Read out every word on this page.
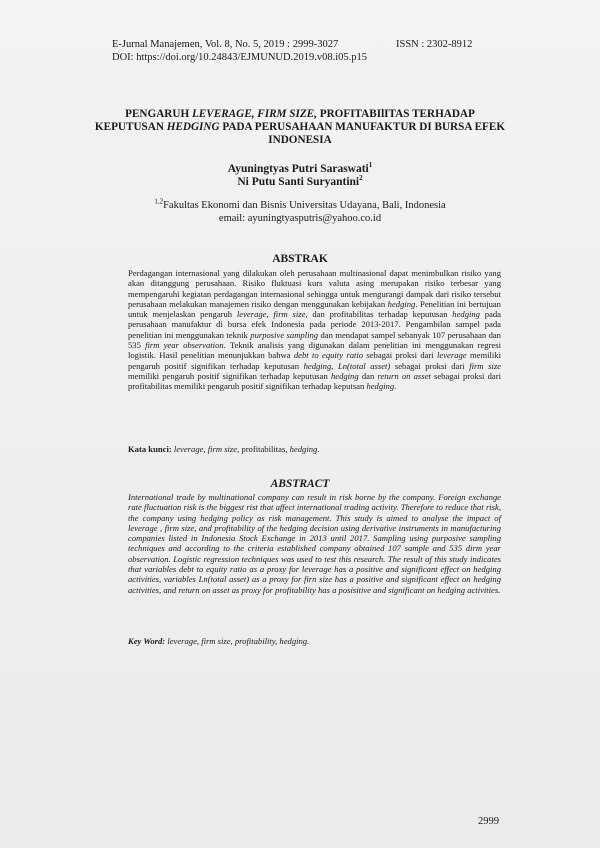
E-Jurnal Manajemen, Vol. 8, No. 5, 2019 : 2999-3027	ISSN : 2302-8912
DOI: https://doi.org/10.24843/EJMUNUD.2019.v08.i05.p15
PENGARUH LEVERAGE, FIRM SIZE, PROFITABIlITAS TERHADAP KEPUTUSAN HEDGING PADA PERUSAHAAN MANUFAKTUR DI BURSA EFEK INDONESIA
Ayuningtyas Putri Saraswati$^1$
Ni Putu Santi Suryantini$^2$
$^{1,2}$Fakultas Ekonomi dan Bisnis Universitas Udayana, Bali, Indonesia
email: ayuningtyasputris@yahoo.co.id
ABSTRAK
Perdagangan internasional yang dilakukan oleh perusahaan multinasional dapat menimbulkan risiko yang akan ditanggung perusahaan. Risiko fluktuasi kurs valuta asing merupakan risiko terbesar yang mempengaruhi kegiatan perdagangan internasional sehingga untuk mengurangi dampak dari risiko tersebut perusahaan melakukan manajemen risiko dengan menggunakan kebijakan hedging. Penelitian ini bertujuan untuk menjelaskan pengaruh leverage, firm size, dan profitabilitas terhadap keputusan hedging pada perusahaan manufaktur di bursa efek Indonesia pada periode 2013-2017. Pengambilan sampel pada penelitian ini menggunakan teknik purposive sampling dan mendapat sampel sebanyak 107 perusahaan dan 535 firm year observation. Teknik analisis yang digunakan dalam penelitian ini menggunakan regresi logistik. Hasil penelitian menunjukkan bahwa debt to equity ratio sebagai proksi dari leverage memiliki pengaruh positif signifikan terhadap keputusan hedging, Ln(total asset) sebagai proksi dari firm size memiliki pengaruh positif signifikan terhadap keputusan hedging dan return on asset sebagai proksi dari profitabilitas memiliki pengaruh positif signifikan terhadap keputsan hedging.
Kata kunci: leverage, firm size, profitabilitas, hedging.
ABSTRACT
International trade by multinational company can result in risk borne by the company. Foreign exchange rate fluctuation risk is the biggest rist that affect international trading activity. Therefore to reduce that risk, the company using hedging policy as risk management. This study is aimed to analyse the impact of leverage , firm size, and profitability of the hedging decision using derivative instruments in manufacturing companies listed in Indonesia Stock Exchange in 2013 until 2017. Sampling using purposive sampling techniques and according to the criteria established company obtained 107 sample and 535 dirm year observation. Logistic regression techniques was used to test this research. The result of this study indicates that variables debt to equity ratio as a proxy for leverage has a positive and significant effect on hedging activities, variables Ln(total asset) as a proxy for firn size has a positive and significant effect on hedging activities, and return on asset as proxy for profitability has a posisitive and significant on hedging activities.
Key Word: leverage, firm size, profitability, hedging.
2999
